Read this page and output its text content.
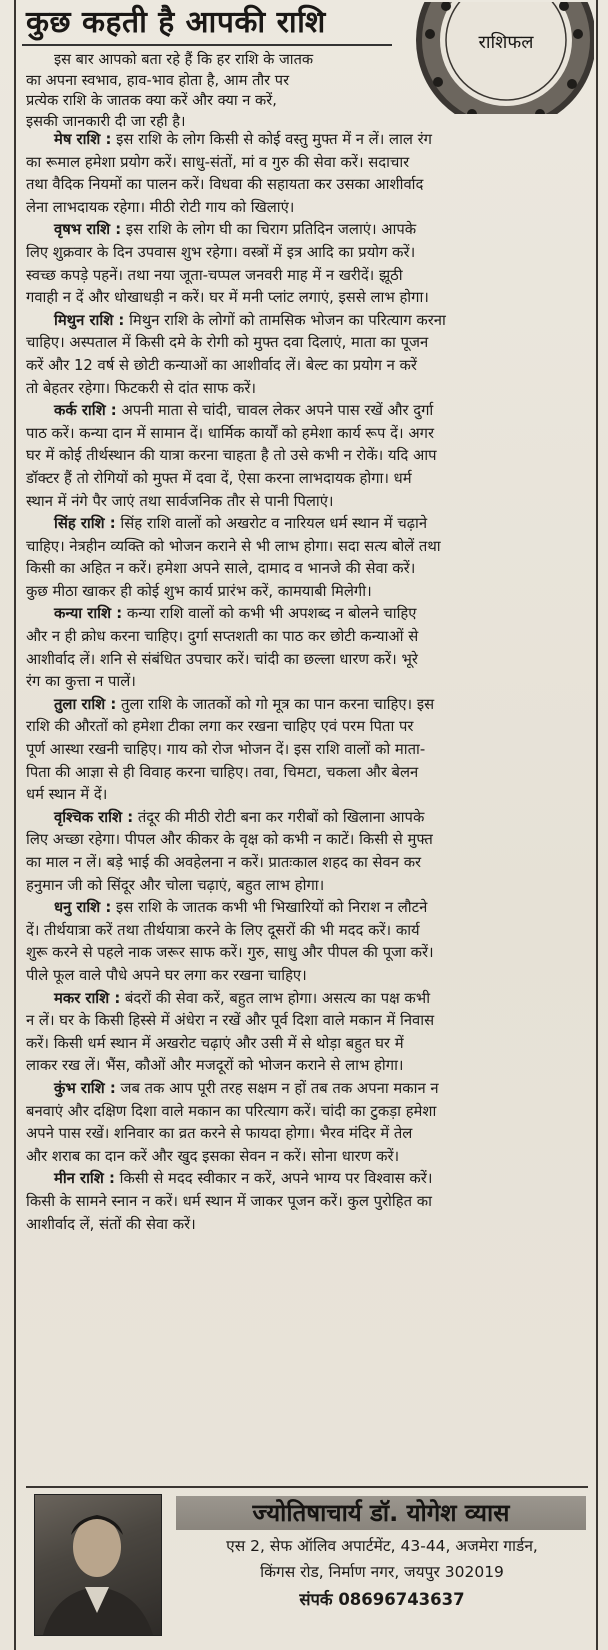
कुछ कहती है आपकी राशि
राशिफल
इस बार आपको बता रहे हैं कि हर राशि के जातक
का अपना स्वभाव, हाव-भाव होता है, आम तौर पर
प्रत्येक राशि के जातक क्या करें और क्या न करें,
इसकी जानकारी दी जा रही है।
मेष राशि : इस राशि के लोग किसी से कोई वस्तु मुफ्त में न लें। लाल रंग
का रूमाल हमेशा प्रयोग करें। साधु-संतों, मां व गुरु की सेवा करें। सदाचार
तथा वैदिक नियमों का पालन करें। विधवा की सहायता कर उसका आशीर्वाद
लेना लाभदायक रहेगा। मीठी रोटी गाय को खिलाएं।
वृषभ राशि : इस राशि के लोग घी का चिराग प्रतिदिन जलाएं। आपके
लिए शुक्रवार के दिन उपवास शुभ रहेगा। वस्त्रों में इत्र आदि का प्रयोग करें।
स्वच्छ कपड़े पहनें। तथा नया जूता-चप्पल जनवरी माह में न खरीदें। झूठी
गवाही न दें और धोखाधड़ी न करें। घर में मनी प्लांट लगाएं, इससे लाभ होगा।
मिथुन राशि : मिथुन राशि के लोगों को तामसिक भोजन का परित्याग करना
चाहिए। अस्पताल में किसी दमे के रोगी को मुफ्त दवा दिलाएं, माता का पूजन
करें और 12 वर्ष से छोटी कन्याओं का आशीर्वाद लें। बेल्ट का प्रयोग न करें
तो बेहतर रहेगा। फिटकरी से दांत साफ करें।
कर्क राशि : अपनी माता से चांदी, चावल लेकर अपने पास रखें और दुर्गा
पाठ करें। कन्या दान में सामान दें। धार्मिक कार्यों को हमेशा कार्य रूप दें। अगर
घर में कोई तीर्थस्थान की यात्रा करना चाहता है तो उसे कभी न रोकें। यदि आप
डॉक्टर हैं तो रोगियों को मुफ्त में दवा दें, ऐसा करना लाभदायक होगा। धर्म
स्थान में नंगे पैर जाएं तथा सार्वजनिक तौर से पानी पिलाएं।
सिंह राशि : सिंह राशि वालों को अखरोट व नारियल धर्म स्थान में चढ़ाने
चाहिए। नेत्रहीन व्यक्ति को भोजन कराने से भी लाभ होगा। सदा सत्य बोलें तथा
किसी का अहित न करें। हमेशा अपने साले, दामाद व भानजे की सेवा करें।
कुछ मीठा खाकर ही कोई शुभ कार्य प्रारंभ करें, कामयाबी मिलेगी।
कन्या राशि : कन्या राशि वालों को कभी भी अपशब्द न बोलने चाहिए
और न ही क्रोध करना चाहिए। दुर्गा सप्तशती का पाठ कर छोटी कन्याओं से
आशीर्वाद लें। शनि से संबंधित उपचार करें। चांदी का छल्ला धारण करें। भूरे
रंग का कुत्ता न पालें।
तुला राशि : तुला राशि के जातकों को गो मूत्र का पान करना चाहिए। इस
राशि की औरतों को हमेशा टीका लगा कर रखना चाहिए एवं परम पिता पर
पूर्ण आस्था रखनी चाहिए। गाय को रोज भोजन दें। इस राशि वालों को माता-
पिता की आज्ञा से ही विवाह करना चाहिए। तवा, चिमटा, चकला और बेलन
धर्म स्थान में दें।
वृश्चिक राशि : तंदूर की मीठी रोटी बना कर गरीबों को खिलाना आपके
लिए अच्छा रहेगा। पीपल और कीकर के वृक्ष को कभी न काटें। किसी से मुफ्त
का माल न लें। बड़े भाई की अवहेलना न करें। प्रातःकाल शहद का सेवन कर
हनुमान जी को सिंदूर और चोला चढ़ाएं, बहुत लाभ होगा।
धनु राशि : इस राशि के जातक कभी भी भिखारियों को निराश न लौटने
दें। तीर्थयात्रा करें तथा तीर्थयात्रा करने के लिए दूसरों की भी मदद करें। कार्य
शुरू करने से पहले नाक जरूर साफ करें। गुरु, साधु और पीपल की पूजा करें।
पीले फूल वाले पौधे अपने घर लगा कर रखना चाहिए।
मकर राशि : बंदरों की सेवा करें, बहुत लाभ होगा। असत्य का पक्ष कभी
न लें। घर के किसी हिस्से में अंधेरा न रखें और पूर्व दिशा वाले मकान में निवास
करें। किसी धर्म स्थान में अखरोट चढ़ाएं और उसी में से थोड़ा बहुत घर में
लाकर रख लें। भैंस, कौओं और मजदूरों को भोजन कराने से लाभ होगा।
कुंभ राशि : जब तक आप पूरी तरह सक्षम न हों तब तक अपना मकान न
बनवाएं और दक्षिण दिशा वाले मकान का परित्याग करें। चांदी का टुकड़ा हमेशा
अपने पास रखें। शनिवार का व्रत करने से फायदा होगा। भैरव मंदिर में तेल
और शराब का दान करें और खुद इसका सेवन न करें। सोना धारण करें।
मीन राशि : किसी से मदद स्वीकार न करें, अपने भाग्य पर विश्वास करें।
किसी के सामने स्नान न करें। धर्म स्थान में जाकर पूजन करें। कुल पुरोहित का
आशीर्वाद लें, संतों की सेवा करें।
ज्योतिषाचार्य डॉ. योगेश व्यास
एस 2, सेफ ऑलिव अपार्टमेंट, 43-44, अजमेरा गार्डन,
किंगस रोड, निर्माण नगर, जयपुर 302019
संपर्क 08696743637
